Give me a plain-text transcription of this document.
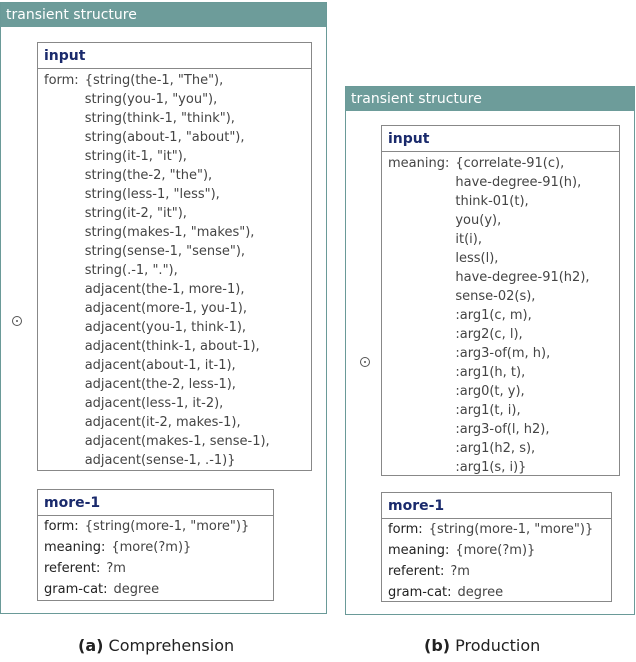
transient structure
input
form: {string(the-1, "The"),
string(you-1, "you"),
string(think-1, "think"),
string(about-1, "about"),
string(it-1, "it"),
string(the-2, "the"),
string(less-1, "less"),
string(it-2, "it"),
string(makes-1, "makes"),
string(sense-1, "sense"),
string(.-1, "."),
adjacent(the-1, more-1),
adjacent(more-1, you-1),
adjacent(you-1, think-1),
adjacent(think-1, about-1),
adjacent(about-1, it-1),
adjacent(the-2, less-1),
adjacent(less-1, it-2),
adjacent(it-2, makes-1),
adjacent(makes-1, sense-1),
adjacent(sense-1, .-1)}
more-1
form: {string(more-1, "more")}
meaning: {more(?m)}
referent: ?m
gram-cat: degree
(a) Comprehension
transient structure
input
meaning: {correlate-91(c),
have-degree-91(h),
think-01(t),
you(y),
it(i),
less(l),
have-degree-91(h2),
sense-02(s),
:arg1(c, m),
:arg2(c, l),
:arg3-of(m, h),
:arg1(h, t),
:arg0(t, y),
:arg1(t, i),
:arg3-of(l, h2),
:arg1(h2, s),
:arg1(s, i)}
more-1
form: {string(more-1, "more")}
meaning: {more(?m)}
referent: ?m
gram-cat: degree
(b) Production
